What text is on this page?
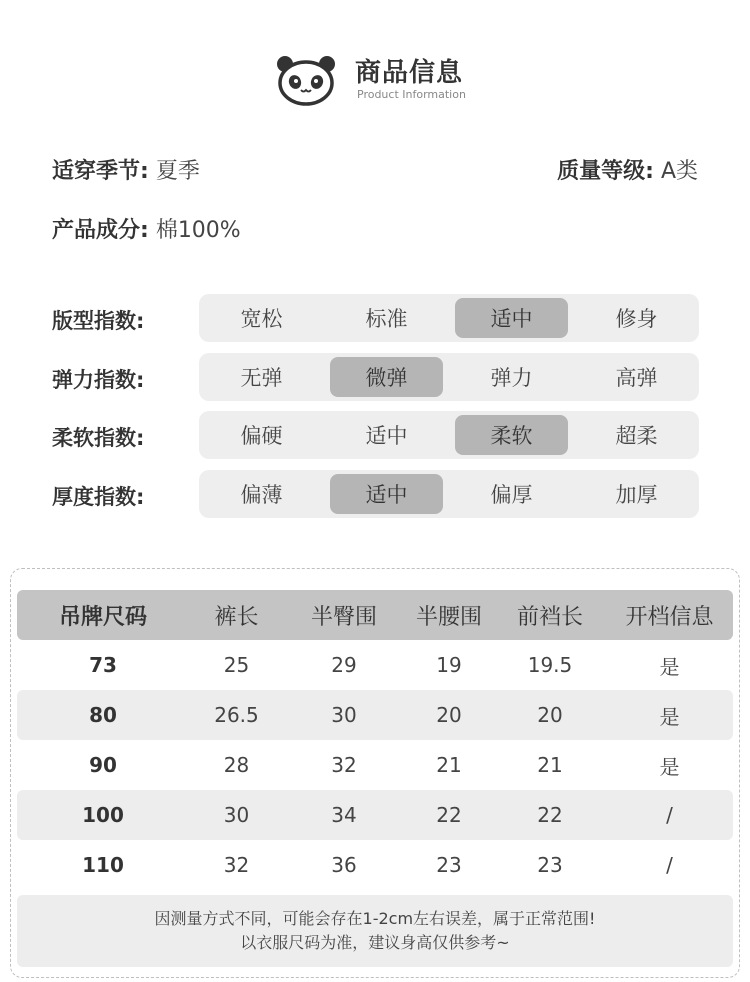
商品信息
Product Information
适穿季节: 夏季	质量等级: A类
产品成分: 棉100%
版型指数:	宽松	标准	适中	修身
弹力指数:	无弹	微弹	弹力	高弹
柔软指数:	偏硬	适中	柔软	超柔
厚度指数:	偏薄	适中	偏厚	加厚
吊牌尺码	裤长	半臀围	半腰围	前裆长	开档信息
73	25	29	19	19.5	是
80	26.5	30	20	20	是
90	28	32	21	21	是
100	30	34	22	22	/
110	32	36	23	23	/
因测量方式不同，可能会存在1-2cm左右误差，属于正常范围!
以衣服尺码为准，建议身高仅供参考~
